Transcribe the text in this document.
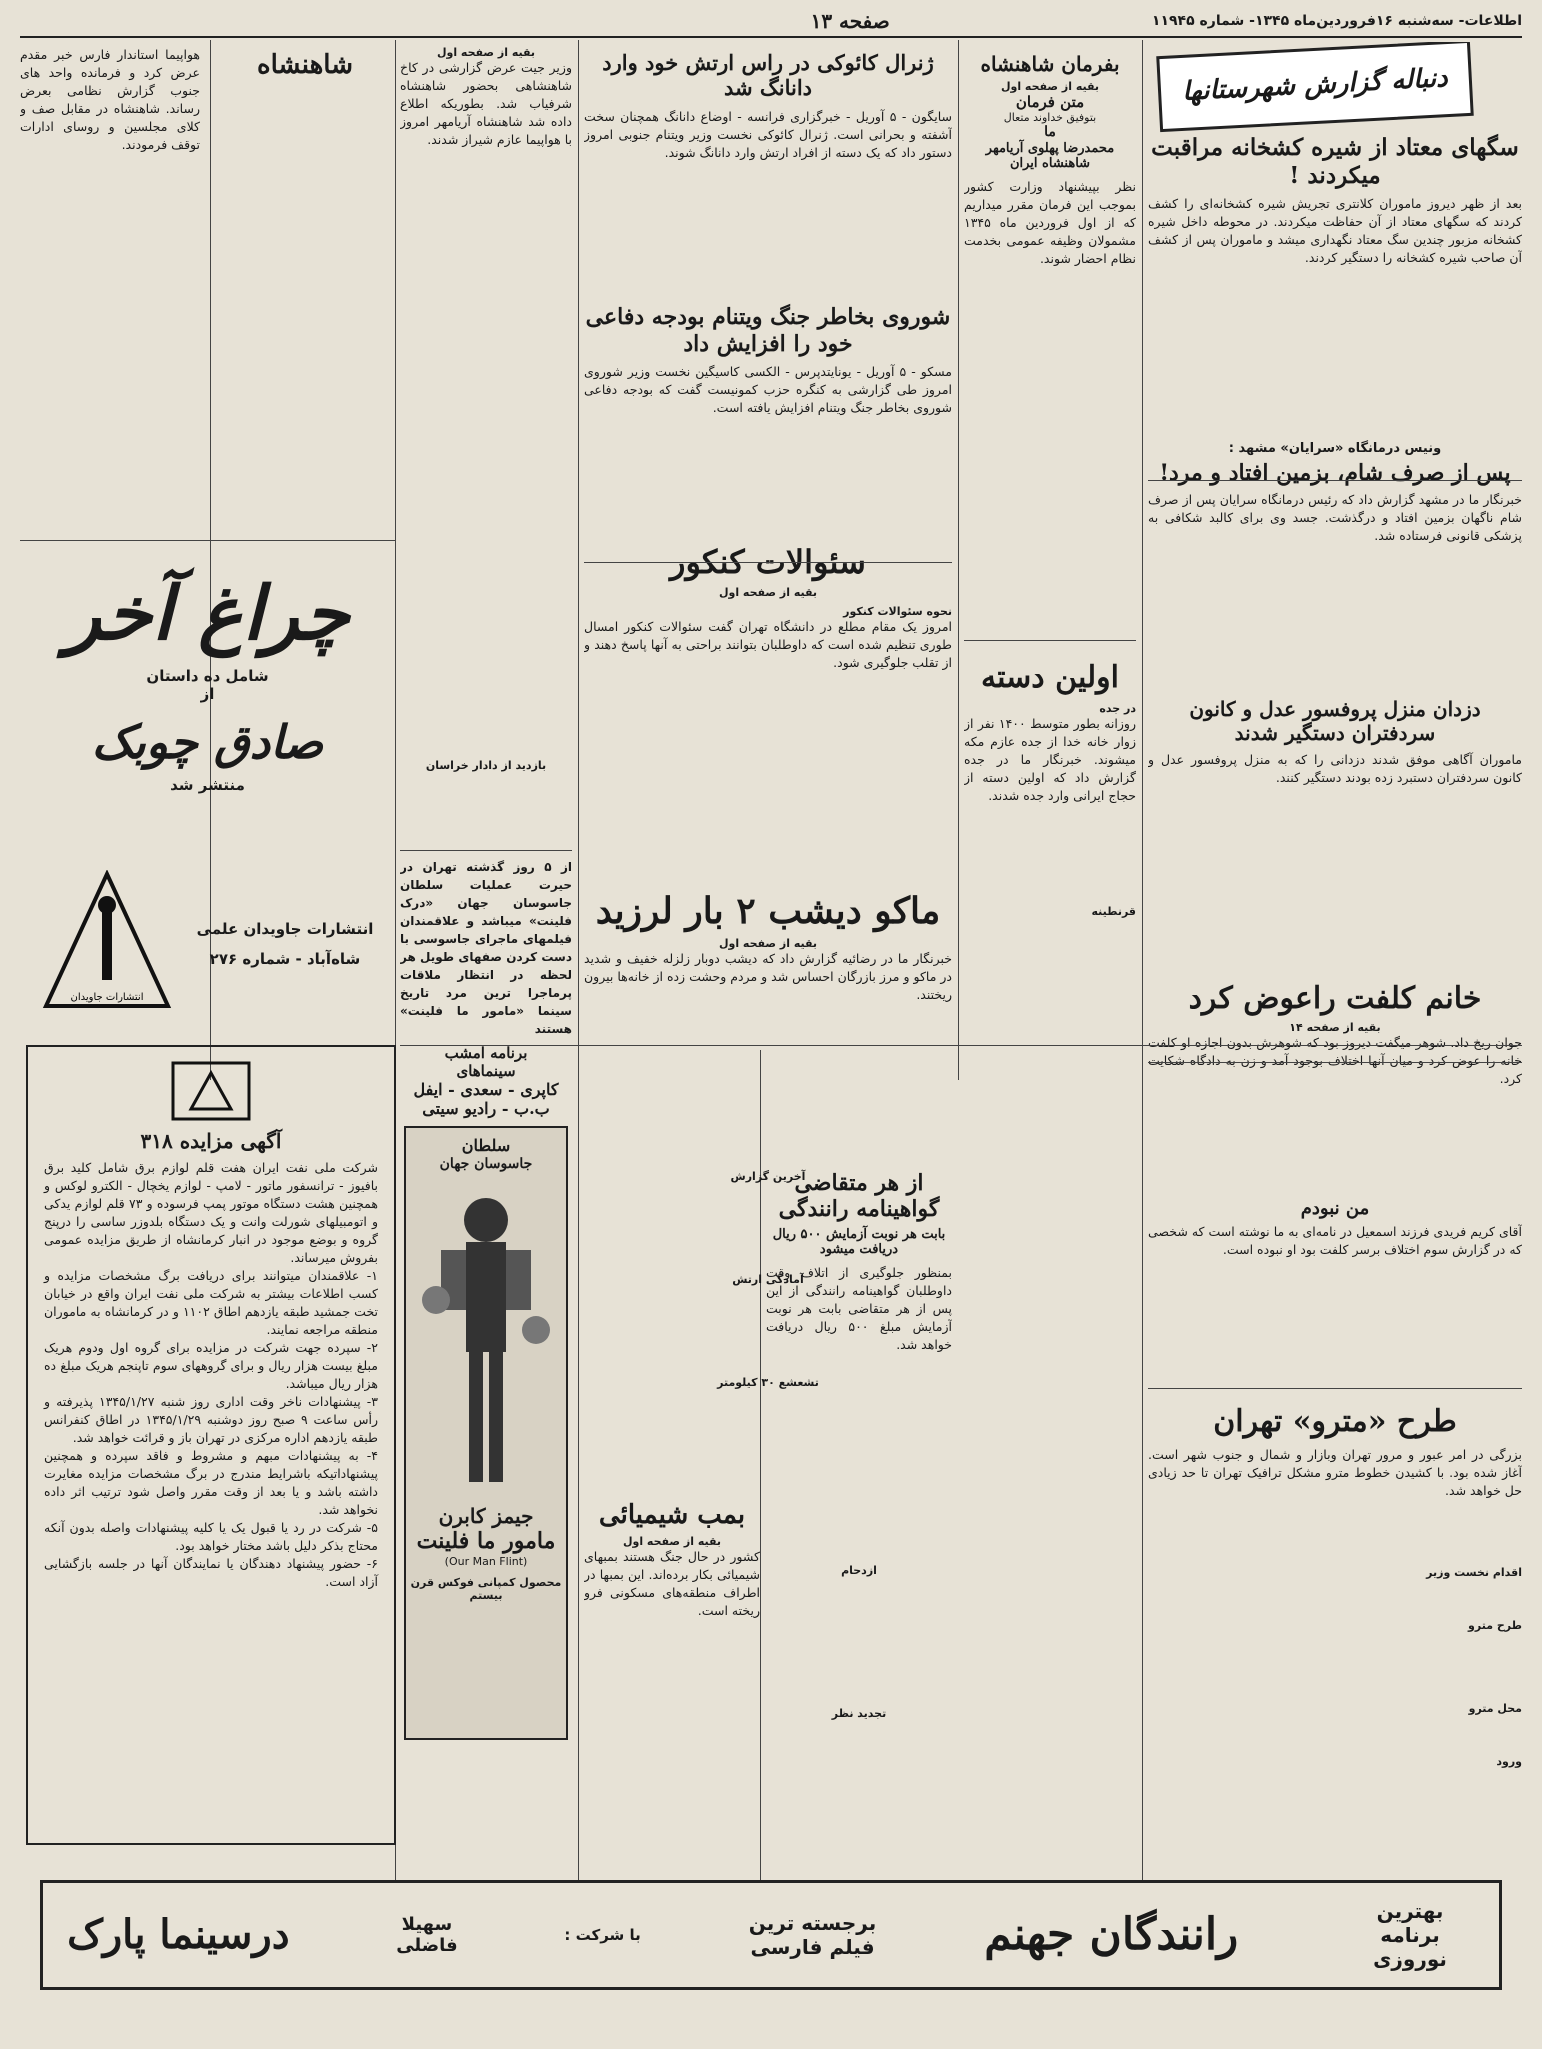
اطلاعات- سه‌شنبه ۱۶فروردین‌ماه ۱۳۴۵- شماره ۱۱۹۴۵
صفحه ۱۳
دنباله گزارش شهرستانها
سگهای معتاد از شیره کشخانه مراقبت میکردند !
بعد از ظهر دیروز ماموران کلانتری تجریش شیره کشخانه‌ای را کشف کردند که سگهای معتاد از آن حفاظت میکردند. در محوطه داخل شیره کشخانه مزبور چندین سگ معتاد نگهداری میشد و ماموران پس از کشف آن صاحب شیره کشخانه را دستگیر کردند.
ونیس درمانگاه «سرایان» مشهد :
پس از صرف شام، بزمین افتاد و مرد!
خبرنگار ما در مشهد گزارش داد که رئیس درمانگاه سرایان پس از صرف شام ناگهان بزمین افتاد و درگذشت. جسد وی برای کالبد شکافی به پزشکی قانونی فرستاده شد.
دزدان منزل پروفسور عدل و کانون سردفتران دستگیر شدند
ماموران آگاهی موفق شدند دزدانی را که به منزل پروفسور عدل و کانون سردفتران دستبرد زده بودند دستگیر کنند.
خانم کلفت راعوض کرد
بقیه از صفحه ۱۴
جوان ریخ داد. شوهر میگفت دیروز بود که شوهرش بدون اجازه او کلفت خانه را عوض کرد و میان آنها اختلاف بوجود آمد و زن به دادگاه شکایت کرد.
من نبودم
آقای کریم فریدی فرزند اسمعیل در نامه‌ای به ما نوشته است که شخصی که در گزارش سوم اختلاف برسر کلفت بود او نبوده است.
بفرمان شاهنشاه
بقیه از صفحه اول
متن فرمان
بتوفیق خداوند متعال
ما
محمدرضا پهلوی آریامهر شاهنشاه ایران
نظر بپیشنهاد وزارت کشور بموجب این فرمان مقرر میداریم که از اول فروردین ماه ۱۳۴۵ مشمولان وظیفه عمومی بخدمت نظام احضار شوند.
اولین دسته
در جده
روزانه بطور متوسط ۱۴۰۰ نفر از زوار خانه خدا از جده عازم مکه میشوند. خبرنگار ما در جده گزارش داد که اولین دسته از حجاج ایرانی وارد جده شدند.
قرنطینه
ژنرال کائوکی در راس ارتش خود وارد دانانگ شد
سایگون - ۵ آوریل - خبرگزاری فرانسه - اوضاع دانانگ همچنان سخت آشفته و بحرانی است. ژنرال کائوکی نخست وزیر ویتنام جنوبی امروز دستور داد که یک دسته از افراد ارتش وارد دانانگ شوند.
شوروی بخاطر جنگ ویتنام بودجه دفاعی خود را افزایش داد
مسکو - ۵ آوریل - یونایتدپرس - الکسی کاسیگین نخست وزیر شوروی امروز طی گزارشی به کنگره حزب کمونیست گفت که بودجه دفاعی شوروی بخاطر جنگ ویتنام افزایش یافته است.
سئوالات کنکور
بقیه از صفحه اول
نحوه سئوالات کنکور
امروز یک مقام مطلع در دانشگاه تهران گفت سئوالات کنکور امسال طوری تنظیم شده است که داوطلبان بتوانند براحتی به آنها پاسخ دهند و از تقلب جلوگیری شود.
ماکو دیشب ۲ بار لرزید
بقیه از صفحه اول
خبرنگار ما در رضائیه گزارش داد که دیشب دوبار زلزله خفیف و شدید در ماکو و مرز بازرگان احساس شد و مردم وحشت زده از خانه‌ها بیرون ریختند.
آخرین گزارش
آمادگی ارتش
تشعشع ۳۰ کیلومتر
بمب شیمیائی
بقیه از صفحه اول
کشور در حال جنگ هستند بمبهای شیمیائی بکار برده‌اند. این بمبها در اطراف منطقه‌های مسکونی فرو ریخته است.
از هر متقاضی گواهینامه رانندگی
بابت هر نوبت آزمایش ۵۰۰ ریال دریافت میشود
بمنظور جلوگیری از اتلاف وقت داوطلبان گواهینامه رانندگی از این پس از هر متقاضی بابت هر نوبت آزمایش مبلغ ۵۰۰ ریال دریافت خواهد شد.
ازدحام
تجدید نظر
طرح «مترو» تهران
بزرگی در امر عبور و مرور تهران وبازار و شمال و جنوب شهر است. آغاز شده بود. با کشیدن خطوط مترو مشکل ترافیک تهران تا حد زیادی حل خواهد شد.
اقدام نخست وزیر
طرح مترو
محل مترو
ورود
بقیه از صفحه اول
وزیر جیت عرض گزارشی در کاخ شاهنشاهی بحضور شاهنشاه شرفیاب شد. بطوریکه اطلاع داده شد شاهنشاه آریامهر امروز با هواپیما عازم شیراز شدند.
بازدید از دادار خراسان
شاهنشاه
هواپیما استاندار فارس خبر مقدم عرض کرد و فرمانده واحد های جنوب گزارش نظامی بعرض رساند. شاهنشاه در مقابل صف و کلای مجلسین و روسای ادارات توقف فرمودند.
چراغ آخر
شامل ده داستان
از
صادق چوبک
منتشر شد
انتشارات جاویدان
انتشارات جاویدان علمی
شاه‌آباد - شماره ۲۷۶
آگهی مزایده ۳۱۸
شرکت ملی نفت ایران هفت قلم لوازم برق شامل کلید برق بافیوز - ترانسفور ماتور - لامپ - لوازم یخچال - الکترو لوکس و همچنین هشت دستگاه موتور پمپ فرسوده و ۷۳ قلم لوازم یدکی و اتومبیلهای شورلت وانت و یک دستگاه بلدوزر ساسی را درپنج گروه و بوضع موجود در انبار کرمانشاه از طریق مزایده عمومی بفروش میرساند.
۱- علاقمندان میتوانند برای دریافت برگ مشخصات مزایده و کسب اطلاعات بیشتر به شرکت ملی نفت ایران واقع در خیابان تخت جمشید طبقه یازدهم اطاق ۱۱۰۲ و در کرمانشاه به ماموران منطقه مراجعه نمایند.
۲- سپرده جهت شرکت در مزایده برای گروه اول ودوم هریک مبلغ بیست هزار ریال و برای گروههای سوم تاپنجم هریک مبلغ ده هزار ریال میباشد.
۳- پیشنهادات ناخر وقت اداری روز شنبه ۱۳۴۵/۱/۲۷ پذیرفته و رأس ساعت ۹ صبح روز دوشنبه ۱۳۴۵/۱/۲۹ در اطاق کنفرانس طبقه یازدهم اداره مرکزی در تهران باز و قرائت خواهد شد.
۴- به پیشنهادات مبهم و مشروط و فاقد سپرده و همچنین پیشنهاداتیکه باشرایط مندرج در برگ مشخصات مزایده مغایرت داشته باشد و یا بعد از وقت مقرر واصل شود ترتیب اثر داده نخواهد شد.
۵- شرکت در رد یا قبول یک یا کلیه پیشنهادات واصله بدون آنکه محتاج بذکر دلیل باشد مختار خواهد بود.
۶- حضور پیشنهاد دهندگان یا نمایندگان آنها در جلسه بازگشایی آزاد است.
از ۵ روز گذشته تهران در حیرت عملیات سلطان جاسوسان جهان «درک فلینت» میباشد و علاقمندان فیلمهای ماجرای جاسوسی با دست کردن صفهای طویل هر لحظه در انتظار ملاقات پرماجرا ترین مرد تاریخ سینما «مامور ما فلینت» هستند
برنامه امشب
سینماهای
کاپری - سعدی - ایفل
ب.ب - رادیو سیتی
سلطان
جاسوسان جهان
جیمز کابرن
مامور ما فلینت
(Our Man Flint)
محصول کمپانی فوکس قرن بیستم
بهترین برنامه نوروزی
رانندگان جهنم
برجسته ترین فیلم فارسی
با شرکت :
سهیلا
فاضلی
درسینما پارک
